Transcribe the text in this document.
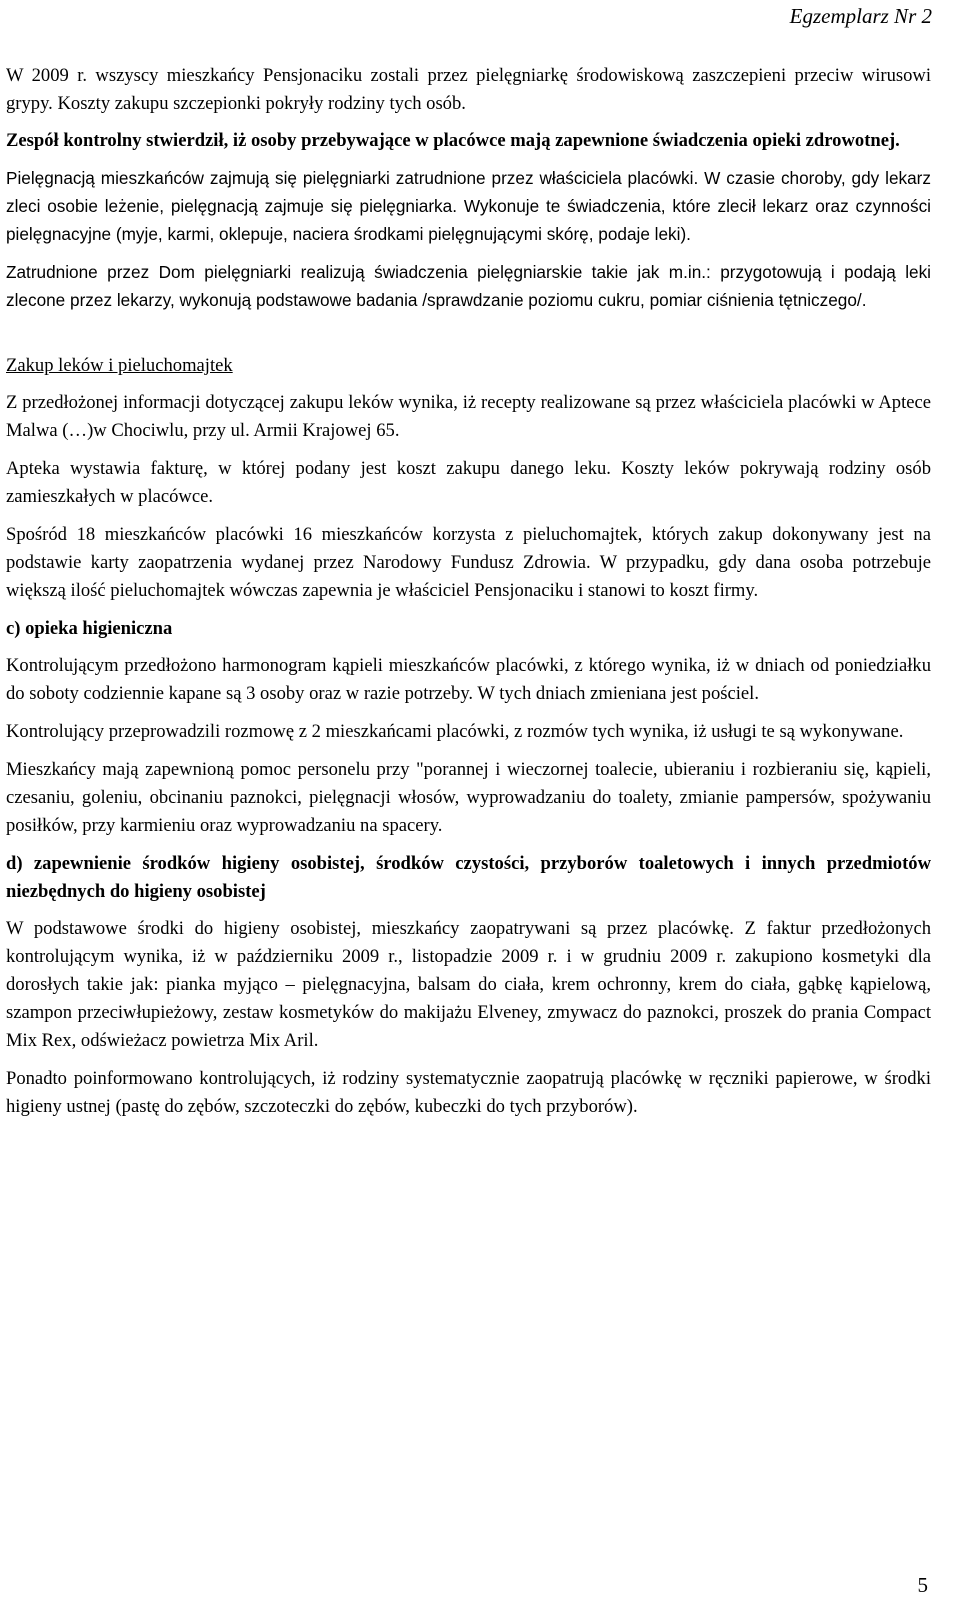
Egzemplarz Nr 2

W 2009 r. wszyscy mieszkańcy Pensjonaciku zostali przez pielęgniarkę środowiskową zaszczepieni przeciw wirusowi grypy. Koszty zakupu szczepionki pokryły rodziny tych osób.

Zespół kontrolny stwierdził, iż osoby przebywające w placówce mają zapewnione świadczenia opieki zdrowotnej.

Pielęgnacją mieszkańców zajmują się pielęgniarki zatrudnione przez właściciela placówki. W czasie choroby, gdy lekarz zleci osobie leżenie, pielęgnacją zajmuje się pielęgniarka. Wykonuje te świadczenia, które zlecił lekarz oraz czynności pielęgnacyjne (myje, karmi, oklepuje, naciera środkami pielęgnującymi skórę, podaje leki).

Zatrudnione przez Dom pielęgniarki realizują świadczenia pielęgniarskie takie jak m.in.: przygotowują i podają leki zlecone przez lekarzy, wykonują podstawowe badania /sprawdzanie poziomu cukru, pomiar ciśnienia tętniczego/.

Zakup leków i pieluchomajtek

Z przedłożonej informacji dotyczącej zakupu leków wynika, iż recepty realizowane są przez właściciela placówki w Aptece Malwa (…)w Chociwlu, przy ul. Armii Krajowej 65.

Apteka wystawia fakturę, w której podany jest koszt zakupu danego leku. Koszty leków pokrywają rodziny osób zamieszkałych w placówce.

Spośród 18 mieszkańców placówki 16 mieszkańców korzysta z pieluchomajtek, których zakup dokonywany jest na podstawie karty zaopatrzenia wydanej przez Narodowy Fundusz Zdrowia. W przypadku, gdy dana osoba potrzebuje większą ilość pieluchomajtek wówczas zapewnia je właściciel Pensjonaciku i stanowi to koszt firmy.

c) opieka higieniczna

Kontrolującym przedłożono harmonogram kąpieli mieszkańców placówki, z którego wynika, iż w dniach od poniedziałku do soboty codziennie kapane są 3 osoby oraz w razie potrzeby. W tych dniach zmieniana jest pościel.

Kontrolujący przeprowadzili rozmowę z 2 mieszkańcami placówki, z rozmów tych wynika, iż usługi te są wykonywane.

Mieszkańcy mają zapewnioną pomoc personelu przy "porannej i wieczornej toalecie, ubieraniu i rozbieraniu się, kąpieli, czesaniu, goleniu, obcinaniu paznokci, pielęgnacji włosów, wyprowadzaniu do toalety, zmianie pampersów, spożywaniu posiłków, przy karmieniu oraz wyprowadzaniu na spacery.

d) zapewnienie środków higieny osobistej, środków czystości, przyborów toaletowych i innych przedmiotów niezbędnych do higieny osobistej

W podstawowe środki do higieny osobistej, mieszkańcy zaopatrywani są przez placówkę. Z faktur przedłożonych kontrolującym wynika, iż w październiku 2009 r., listopadzie 2009 r. i w grudniu 2009 r. zakupiono kosmetyki dla dorosłych takie jak: pianka myjąco – pielęgnacyjna, balsam do ciała, krem ochronny, krem do ciała, gąbkę kąpielową, szampon przeciwłupieżowy, zestaw kosmetyków do makijażu Elveney, zmywacz do paznokci, proszek do prania Compact Mix Rex, odświeżacz powietrza Mix Aril.

Ponadto poinformowano kontrolujących, iż rodziny systematycznie zaopatrują placówkę w ręczniki papierowe, w środki higieny ustnej (pastę do zębów, szczoteczki do zębów, kubeczki do tych przyborów).

5
